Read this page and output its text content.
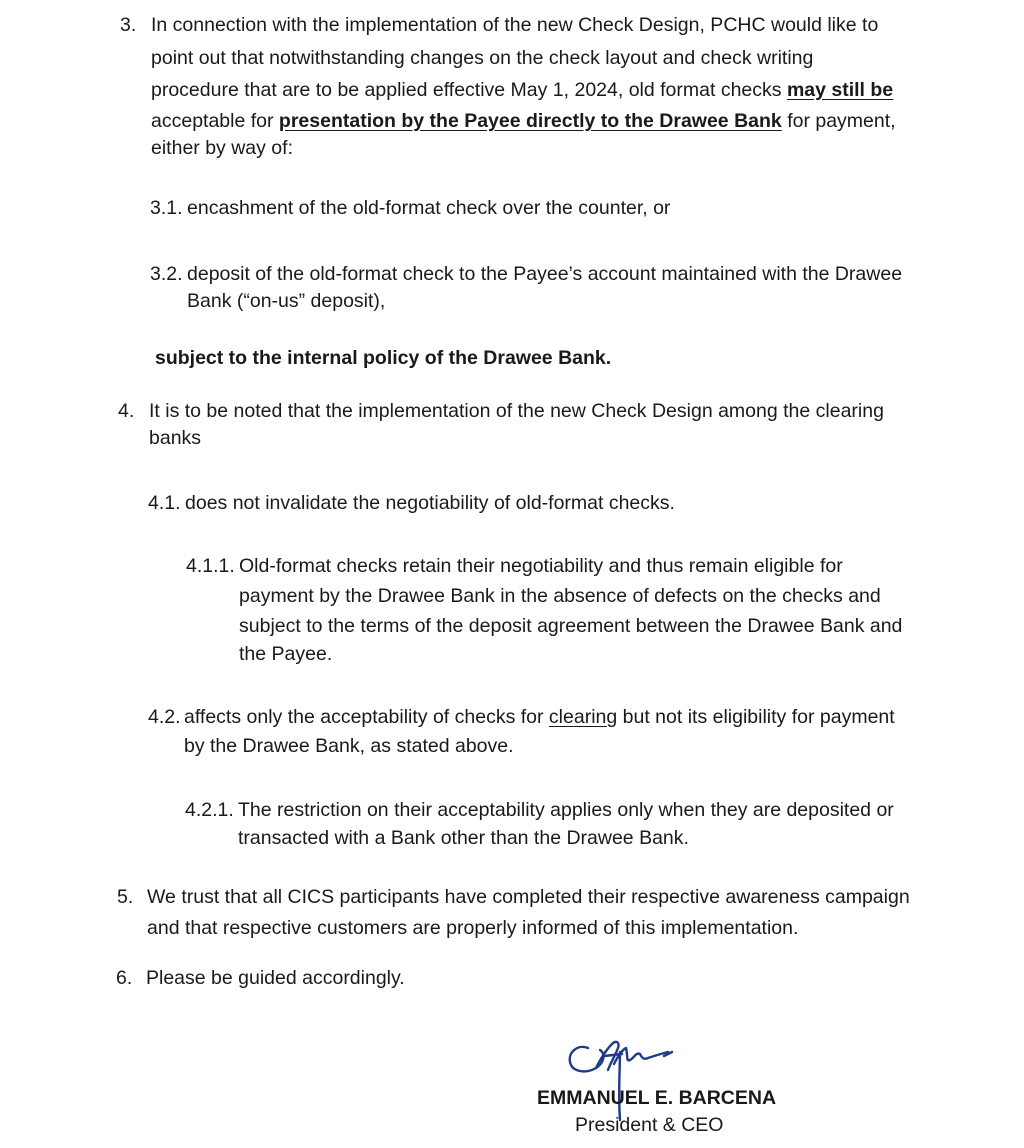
3. In connection with the implementation of the new Check Design, PCHC would like to
point out that notwithstanding changes on the check layout and check writing
procedure that are to be applied effective May 1, 2024, old format checks may still be
acceptable for presentation by the Payee directly to the Drawee Bank for payment,
either by way of:
3.1. encashment of the old-format check over the counter, or
3.2. deposit of the old-format check to the Payee’s account maintained with the Drawee
Bank (“on-us” deposit),
subject to the internal policy of the Drawee Bank.
4. It is to be noted that the implementation of the new Check Design among the clearing
banks
4.1. does not invalidate the negotiability of old-format checks.
4.1.1. Old-format checks retain their negotiability and thus remain eligible for
payment by the Drawee Bank in the absence of defects on the checks and
subject to the terms of the deposit agreement between the Drawee Bank and
the Payee.
4.2. affects only the acceptability of checks for clearing but not its eligibility for payment
by the Drawee Bank, as stated above.
4.2.1. The restriction on their acceptability applies only when they are deposited or
transacted with a Bank other than the Drawee Bank.
5. We trust that all CICS participants have completed their respective awareness campaign
and that respective customers are properly informed of this implementation.
6. Please be guided accordingly.
EMMANUEL E. BARCENA
President & CEO
